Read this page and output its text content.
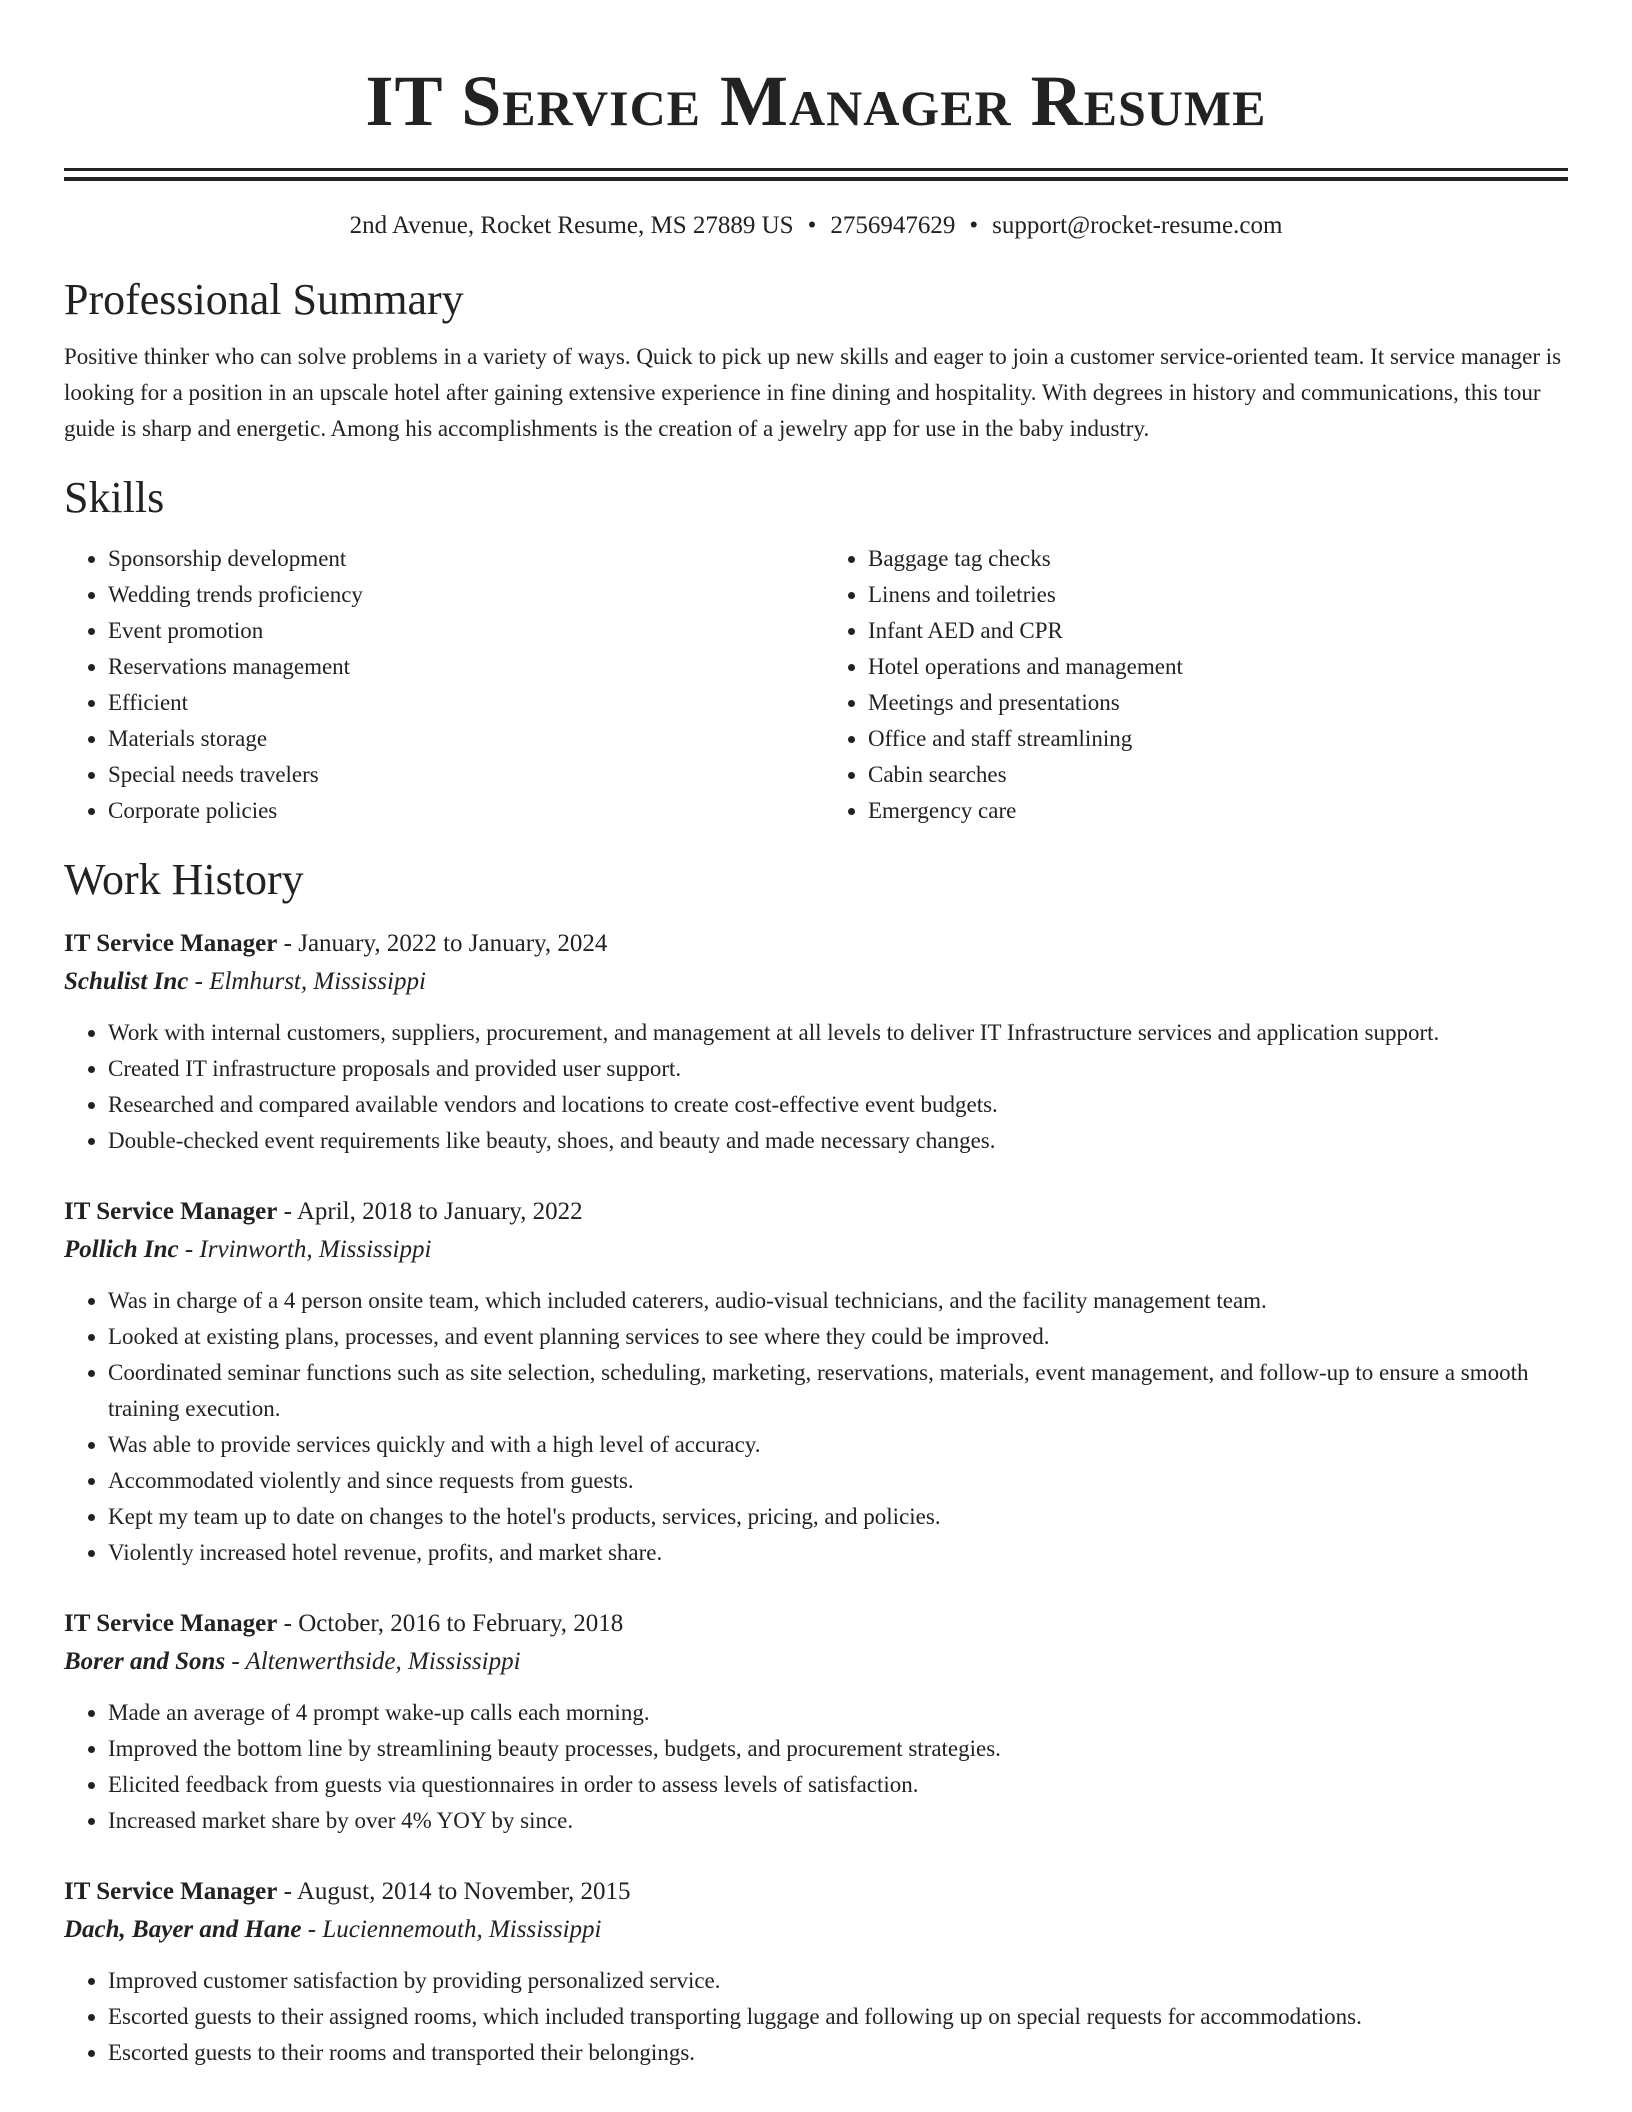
IT Service Manager Resume
2nd Avenue, Rocket Resume, MS 27889 US • 2756947629 • support@rocket-resume.com
Professional Summary

Positive thinker who can solve problems in a variety of ways. Quick to pick up new skills and eager to join a customer service-oriented team. It service manager is looking for a position in an upscale hotel after gaining extensive experience in fine dining and hospitality. With degrees in history and communications, this tour guide is sharp and energetic. Among his accomplishments is the creation of a jewelry app for use in the baby industry.

Skills
• Sponsorship development
• Wedding trends proficiency
• Event promotion
• Reservations management
• Efficient
• Materials storage
• Special needs travelers
• Corporate policies
• Baggage tag checks
• Linens and toiletries
• Infant AED and CPR
• Hotel operations and management
• Meetings and presentations
• Office and staff streamlining
• Cabin searches
• Emergency care
Work History
IT Service Manager - January, 2022 to January, 2024
Schulist Inc - Elmhurst, Mississippi
• Work with internal customers, suppliers, procurement, and management at all levels to deliver IT Infrastructure services and application support.
• Created IT infrastructure proposals and provided user support.
• Researched and compared available vendors and locations to create cost-effective event budgets.
• Double-checked event requirements like beauty, shoes, and beauty and made necessary changes.
IT Service Manager - April, 2018 to January, 2022
Pollich Inc - Irvinworth, Mississippi
• Was in charge of a 4 person onsite team, which included caterers, audio-visual technicians, and the facility management team.
• Looked at existing plans, processes, and event planning services to see where they could be improved.
• Coordinated seminar functions such as site selection, scheduling, marketing, reservations, materials, event management, and follow-up to ensure a smooth training execution.
• Was able to provide services quickly and with a high level of accuracy.
• Accommodated violently and since requests from guests.
• Kept my team up to date on changes to the hotel's products, services, pricing, and policies.
• Violently increased hotel revenue, profits, and market share.
IT Service Manager - October, 2016 to February, 2018
Borer and Sons - Altenwerthside, Mississippi
• Made an average of 4 prompt wake-up calls each morning.
• Improved the bottom line by streamlining beauty processes, budgets, and procurement strategies.
• Elicited feedback from guests via questionnaires in order to assess levels of satisfaction.
• Increased market share by over 4% YOY by since.
IT Service Manager - August, 2014 to November, 2015
Dach, Bayer and Hane - Luciennemouth, Mississippi
• Improved customer satisfaction by providing personalized service.
• Escorted guests to their assigned rooms, which included transporting luggage and following up on special requests for accommodations.
• Escorted guests to their rooms and transported their belongings.
